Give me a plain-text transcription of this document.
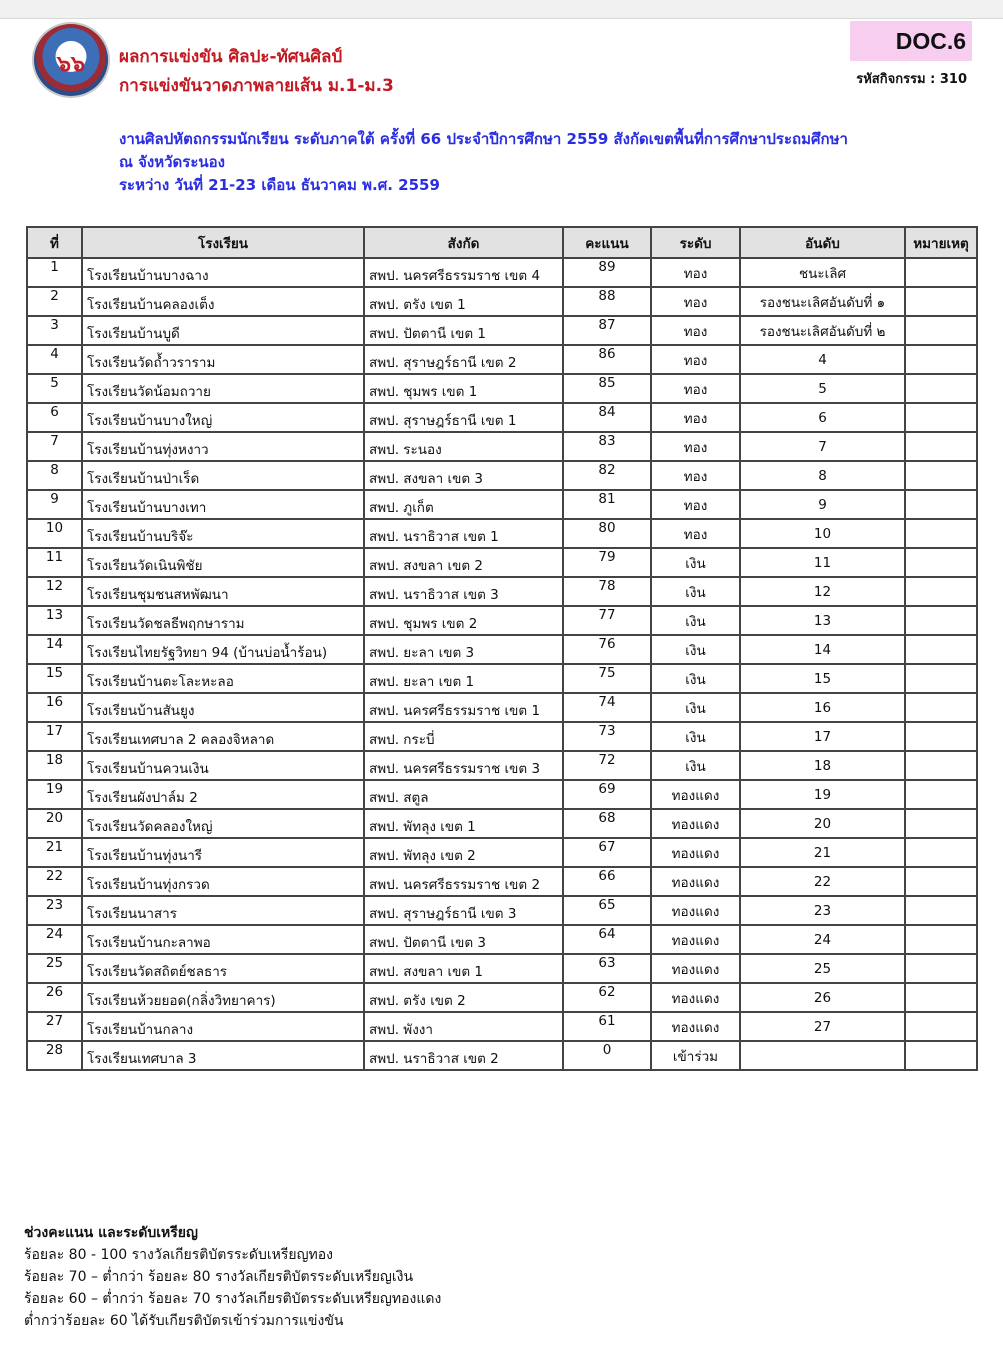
๖๖	ผลการแข่งขัน ศิลปะ-ทัศนศิลป์
การแข่งขันวาดภาพลายเส้น ม.1-ม.3
DOC.6
รหัสกิจกรรม : 310
งานศิลปหัตถกรรมนักเรียน ระดับภาคใต้ ครั้งที่ 66 ประจำปีการศึกษา 2559 สังกัดเขตพื้นที่การศึกษาประถมศึกษา
ณ จังหวัดระนอง
ระหว่าง วันที่ 21-23 เดือน ธันวาคม พ.ศ. 2559
ที่	โรงเรียน	สังกัด	คะแนน	ระดับ	อันดับ	หมายเหตุ
1	โรงเรียนบ้านบางฉาง	สพป. นครศรีธรรมราช เขต 4	89	ทอง	ชนะเลิศ	
2	โรงเรียนบ้านคลองเต็ง	สพป. ตรัง เขต 1	88	ทอง	รองชนะเลิศอันดับที่ ๑	
3	โรงเรียนบ้านบูดี	สพป. ปัตตานี เขต 1	87	ทอง	รองชนะเลิศอันดับที่ ๒	
4	โรงเรียนวัดถ้ำวราราม	สพป. สุราษฎร์ธานี เขต 2	86	ทอง	4	
5	โรงเรียนวัดน้อมถวาย	สพป. ชุมพร เขต 1	85	ทอง	5	
6	โรงเรียนบ้านบางใหญ่	สพป. สุราษฎร์ธานี เขต 1	84	ทอง	6	
7	โรงเรียนบ้านทุ่งหงาว	สพป. ระนอง	83	ทอง	7	
8	โรงเรียนบ้านป่าเร็ด	สพป. สงขลา เขต 3	82	ทอง	8	
9	โรงเรียนบ้านบางเทา	สพป. ภูเก็ต	81	ทอง	9	
10	โรงเรียนบ้านบริจ๊ะ	สพป. นราธิวาส เขต 1	80	ทอง	10	
11	โรงเรียนวัดเนินพิชัย	สพป. สงขลา เขต 2	79	เงิน	11	
12	โรงเรียนชุมชนสหพัฒนา	สพป. นราธิวาส เขต 3	78	เงิน	12	
13	โรงเรียนวัดชลธีพฤกษาราม	สพป. ชุมพร เขต 2	77	เงิน	13	
14	โรงเรียนไทยรัฐวิทยา 94 (บ้านบ่อน้ำร้อน)	สพป. ยะลา เขต 3	76	เงิน	14	
15	โรงเรียนบ้านตะโละหะลอ	สพป. ยะลา เขต 1	75	เงิน	15	
16	โรงเรียนบ้านสันยูง	สพป. นครศรีธรรมราช เขต 1	74	เงิน	16	
17	โรงเรียนเทศบาล 2 คลองจิหลาด	สพป. กระบี่	73	เงิน	17	
18	โรงเรียนบ้านควนเงิน	สพป. นครศรีธรรมราช เขต 3	72	เงิน	18	
19	โรงเรียนผังปาล์ม 2	สพป. สตูล	69	ทองแดง	19	
20	โรงเรียนวัดคลองใหญ่	สพป. พัทลุง เขต 1	68	ทองแดง	20	
21	โรงเรียนบ้านทุ่งนารี	สพป. พัทลุง เขต 2	67	ทองแดง	21	
22	โรงเรียนบ้านทุ่งกรวด	สพป. นครศรีธรรมราช เขต 2	66	ทองแดง	22	
23	โรงเรียนนาสาร	สพป. สุราษฎร์ธานี เขต 3	65	ทองแดง	23	
24	โรงเรียนบ้านกะลาพอ	สพป. ปัตตานี เขต 3	64	ทองแดง	24	
25	โรงเรียนวัดสถิตย์ชลธาร	สพป. สงขลา เขต 1	63	ทองแดง	25	
26	โรงเรียนห้วยยอด(กลิ่งวิทยาคาร)	สพป. ตรัง เขต 2	62	ทองแดง	26	
27	โรงเรียนบ้านกลาง	สพป. พังงา	61	ทองแดง	27	
28	โรงเรียนเทศบาล 3	สพป. นราธิวาส เขต 2	0	เข้าร่วม		
ช่วงคะแนน และระดับเหรียญ
ร้อยละ 80 - 100 รางวัลเกียรติบัตรระดับเหรียญทอง
ร้อยละ 70 – ต่ำกว่า ร้อยละ 80 รางวัลเกียรติบัตรระดับเหรียญเงิน
ร้อยละ 60 – ต่ำกว่า ร้อยละ 70 รางวัลเกียรติบัตรระดับเหรียญทองแดง
ต่ำกว่าร้อยละ 60 ได้รับเกียรติบัตรเข้าร่วมการแข่งขัน
